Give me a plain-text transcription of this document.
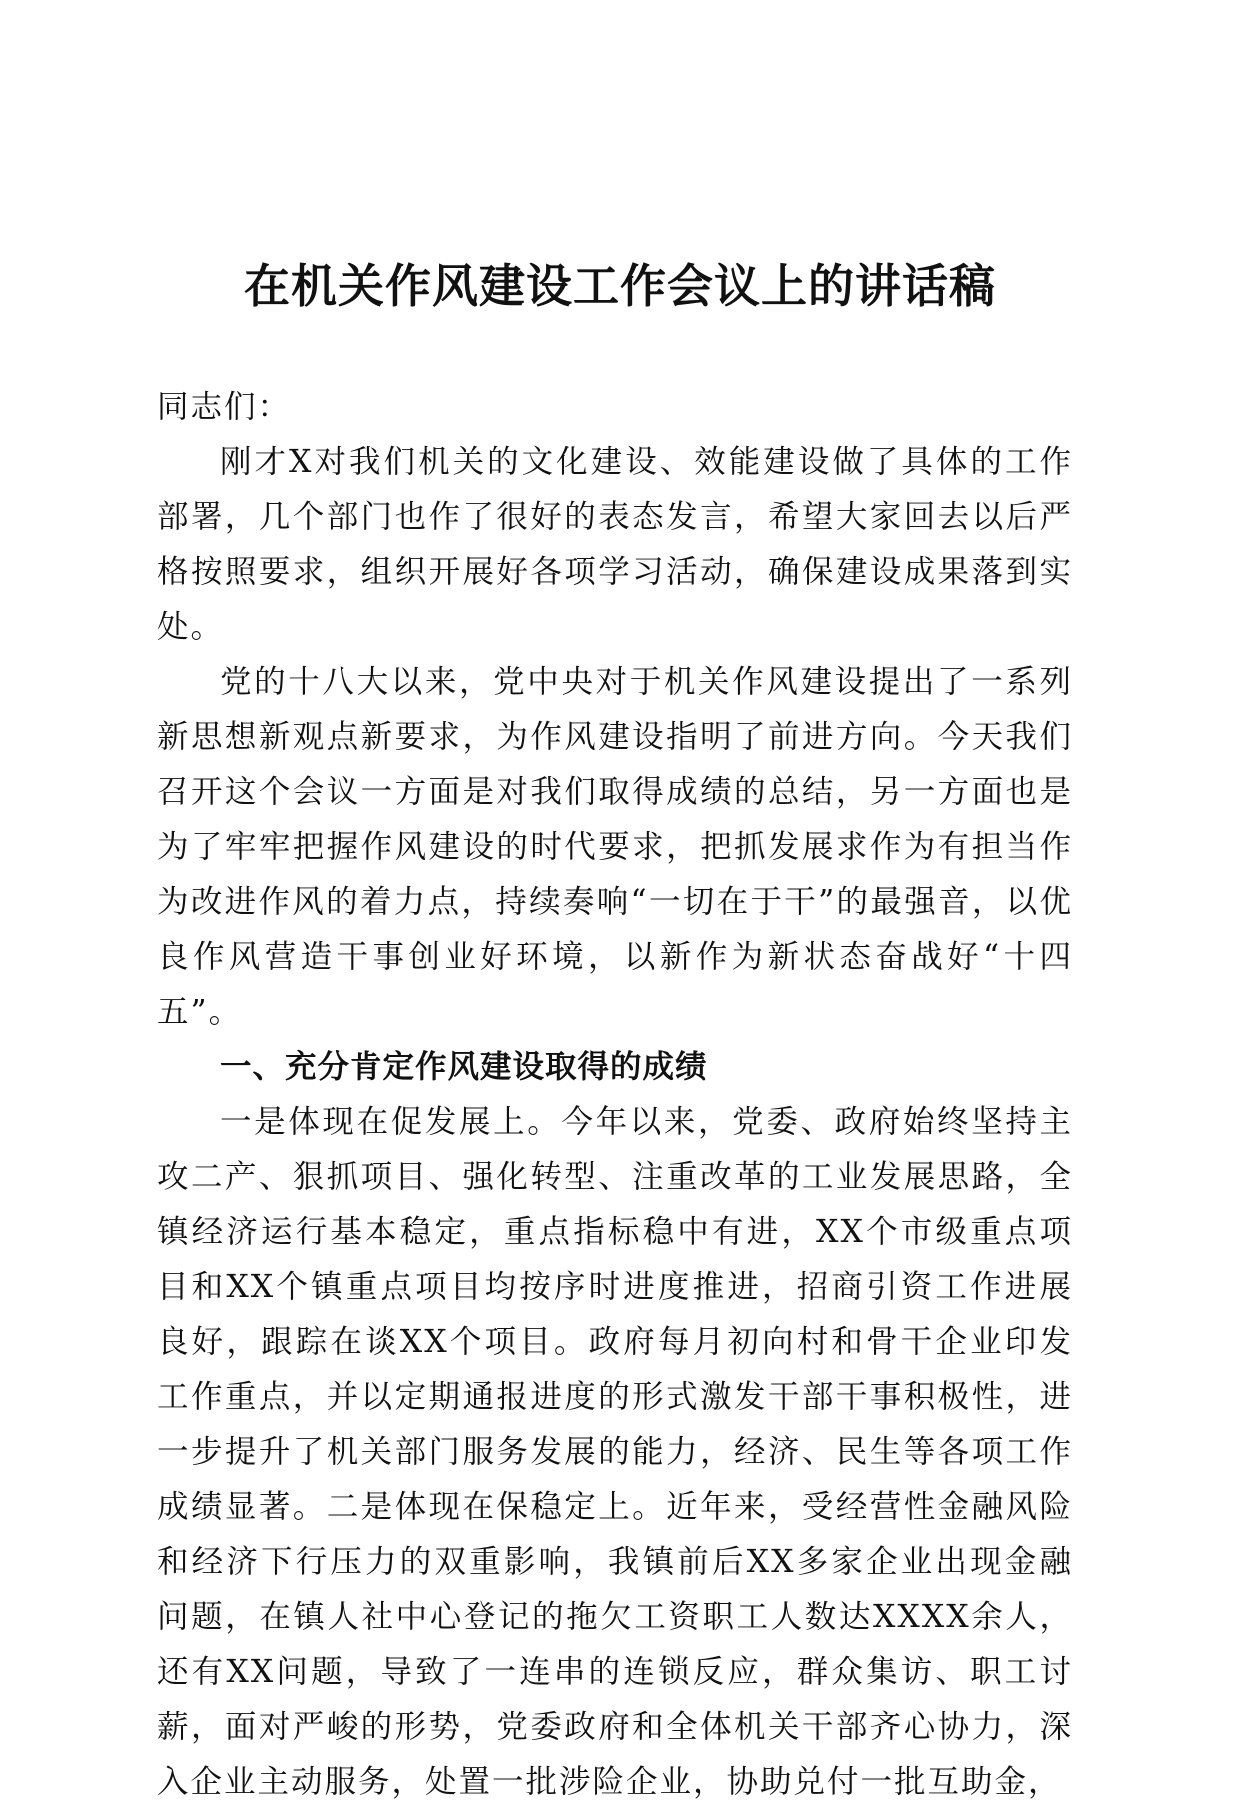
在机关作风建设工作会议上的讲话稿

同志们：

刚才X对我们机关的文化建设、效能建设做了具体的工作部署，几个部门也作了很好的表态发言，希望大家回去以后严格按照要求，组织开展好各项学习活动，确保建设成果落到实处。

党的十八大以来，党中央对于机关作风建设提出了一系列新思想新观点新要求，为作风建设指明了前进方向。今天我们召开这个会议一方面是对我们取得成绩的总结，另一方面也是为了牢牢把握作风建设的时代要求，把抓发展求作为有担当作为改进作风的着力点，持续奏响“一切在于干”的最强音，以优良作风营造干事创业好环境，以新作为新状态奋战好“十四五”。

一、充分肯定作风建设取得的成绩

一是体现在促发展上。今年以来，党委、政府始终坚持主攻二产、狠抓项目、强化转型、注重改革的工业发展思路，全镇经济运行基本稳定，重点指标稳中有进，XX个市级重点项目和XX个镇重点项目均按序时进度推进，招商引资工作进展良好，跟踪在谈XX个项目。政府每月初向村和骨干企业印发工作重点，并以定期通报进度的形式激发干部干事积极性，进一步提升了机关部门服务发展的能力，经济、民生等各项工作成绩显著。二是体现在保稳定上。近年来，受经营性金融风险和经济下行压力的双重影响，我镇前后XX多家企业出现金融问题，在镇人社中心登记的拖欠工资职工人数达XXXX余人，还有XX问题，导致了一连串的连锁反应，群众集访、职工讨薪，面对严峻的形势，党委政府和全体机关干部齐心协力，深入企业主动服务，处置一批涉险企业，协助兑付一批互助金，
